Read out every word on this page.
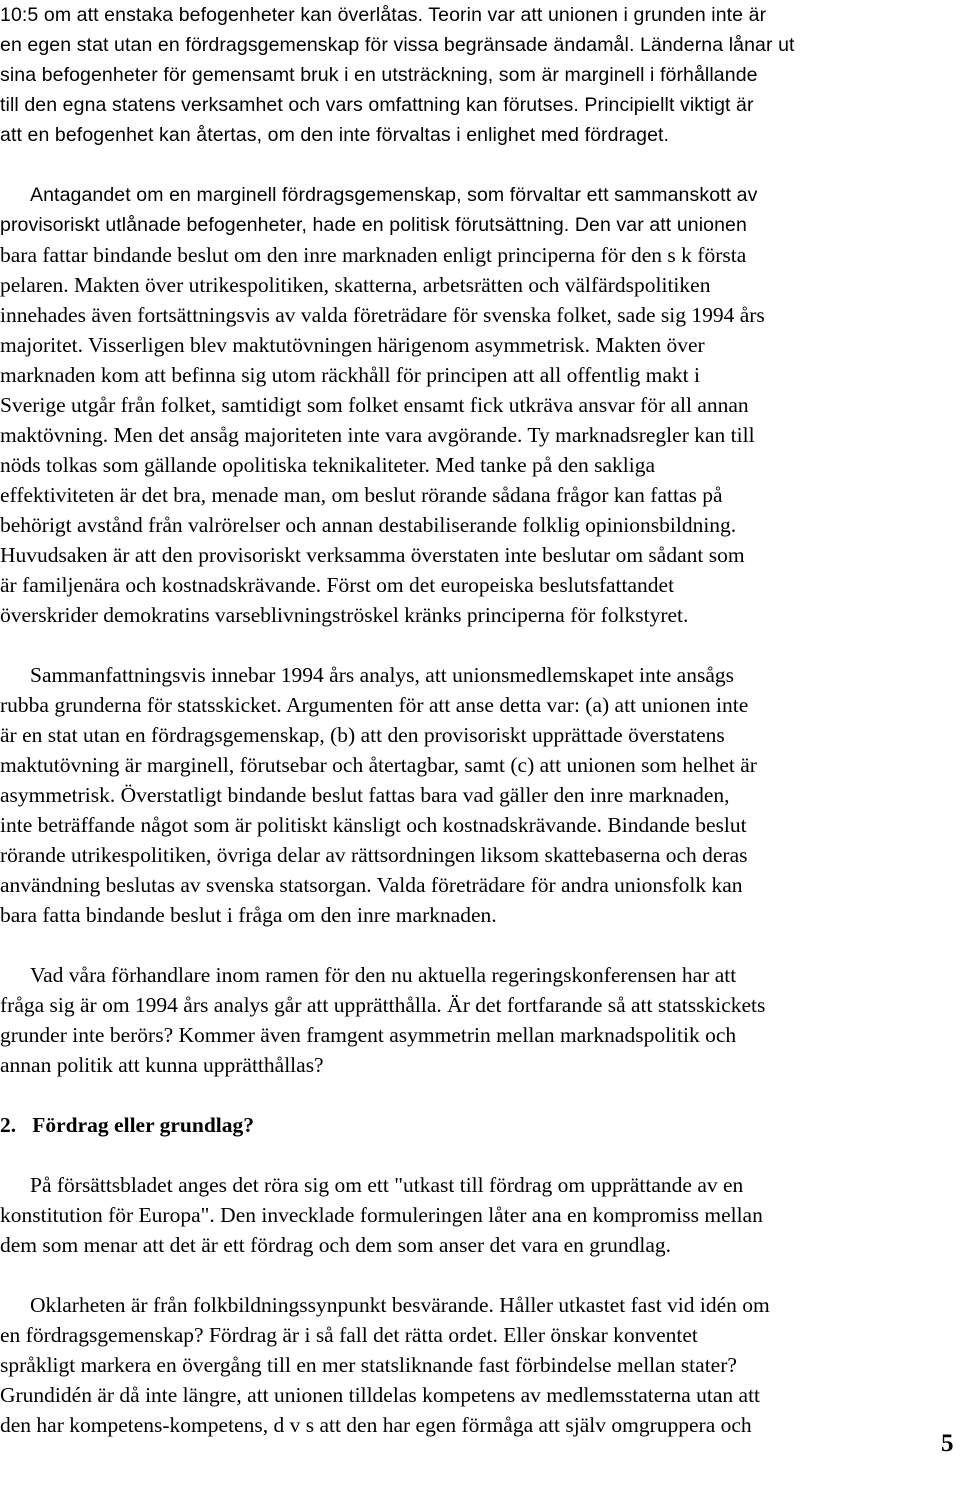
10:5 om att enstaka befogenheter kan överlåtas. Teorin var att unionen i grunden inte är
en egen stat utan en fördragsgemenskap för vissa begränsade ändamål. Länderna lånar ut
sina befogenheter för gemensamt bruk i en utsträckning, som är marginell i förhållande
till den egna statens verksamhet och vars omfattning kan förutses. Principiellt viktigt är
att en befogenhet kan återtas, om den inte förvaltas i enlighet med fördraget.
Antagandet om en marginell fördragsgemenskap, som förvaltar ett sammanskott av
provisoriskt utlånade befogenheter, hade en politisk förutsättning. Den var att unionen
bara fattar bindande beslut om den inre marknaden enligt principerna för den s k första
pelaren. Makten över utrikespolitiken, skatterna, arbetsrätten och välfärdspolitiken
innehades även fortsättningsvis av valda företrädare för svenska folket, sade sig 1994 års
majoritet. Visserligen blev maktutövningen härigenom asymmetrisk. Makten över
marknaden kom att befinna sig utom räckhåll för principen att all offentlig makt i
Sverige utgår från folket, samtidigt som folket ensamt fick utkräva ansvar för all annan
maktövning. Men det ansåg majoriteten inte vara avgörande. Ty marknadsregler kan till
nöds tolkas som gällande opolitiska teknikaliteter. Med tanke på den sakliga
effektiviteten är det bra, menade man, om beslut rörande sådana frågor kan fattas på
behörigt avstånd från valrörelser och annan destabiliserande folklig opinionsbildning.
Huvudsaken är att den provisoriskt verksamma överstaten inte beslutar om sådant som
är familjenära och kostnadskrävande. Först om det europeiska beslutsfattandet
överskrider demokratins varseblivningströskel kränks principerna för folkstyret.
Sammanfattningsvis innebar 1994 års analys, att unionsmedlemskapet inte ansågs
rubba grunderna för statsskicket. Argumenten för att anse detta var: (a) att unionen inte
är en stat utan en fördragsgemenskap, (b) att den provisoriskt upprättade överstatens
maktutövning är marginell, förutsebar och återtagbar, samt (c) att unionen som helhet är
asymmetrisk. Överstatligt bindande beslut fattas bara vad gäller den inre marknaden,
inte beträffande något som är politiskt känsligt och kostnadskrävande. Bindande beslut
rörande utrikespolitiken, övriga delar av rättsordningen liksom skattebaserna och deras
användning beslutas av svenska statsorgan. Valda företrädare för andra unionsfolk kan
bara fatta bindande beslut i fråga om den inre marknaden.
Vad våra förhandlare inom ramen för den nu aktuella regeringskonferensen har att
fråga sig är om 1994 års analys går att upprätthålla. Är det fortfarande så att statsskickets
grunder inte berörs? Kommer även framgent asymmetrin mellan marknadspolitik och
annan politik att kunna upprätthållas?
2.   Fördrag eller grundlag?
På försättsbladet anges det röra sig om ett "utkast till fördrag om upprättande av en
konstitution för Europa". Den invecklade formuleringen låter ana en kompromiss mellan
dem som menar att det är ett fördrag och dem som anser det vara en grundlag.
Oklarheten är från folkbildningssynpunkt besvärande. Håller utkastet fast vid idén om
en fördragsgemenskap? Fördrag är i så fall det rätta ordet. Eller önskar konventet
språkligt markera en övergång till en mer statsliknande fast förbindelse mellan stater?
Grundidén är då inte längre, att unionen tilldelas kompetens av medlemsstaterna utan att
den har kompetens-kompetens, d v s att den har egen förmåga att själv omgruppera och
5
